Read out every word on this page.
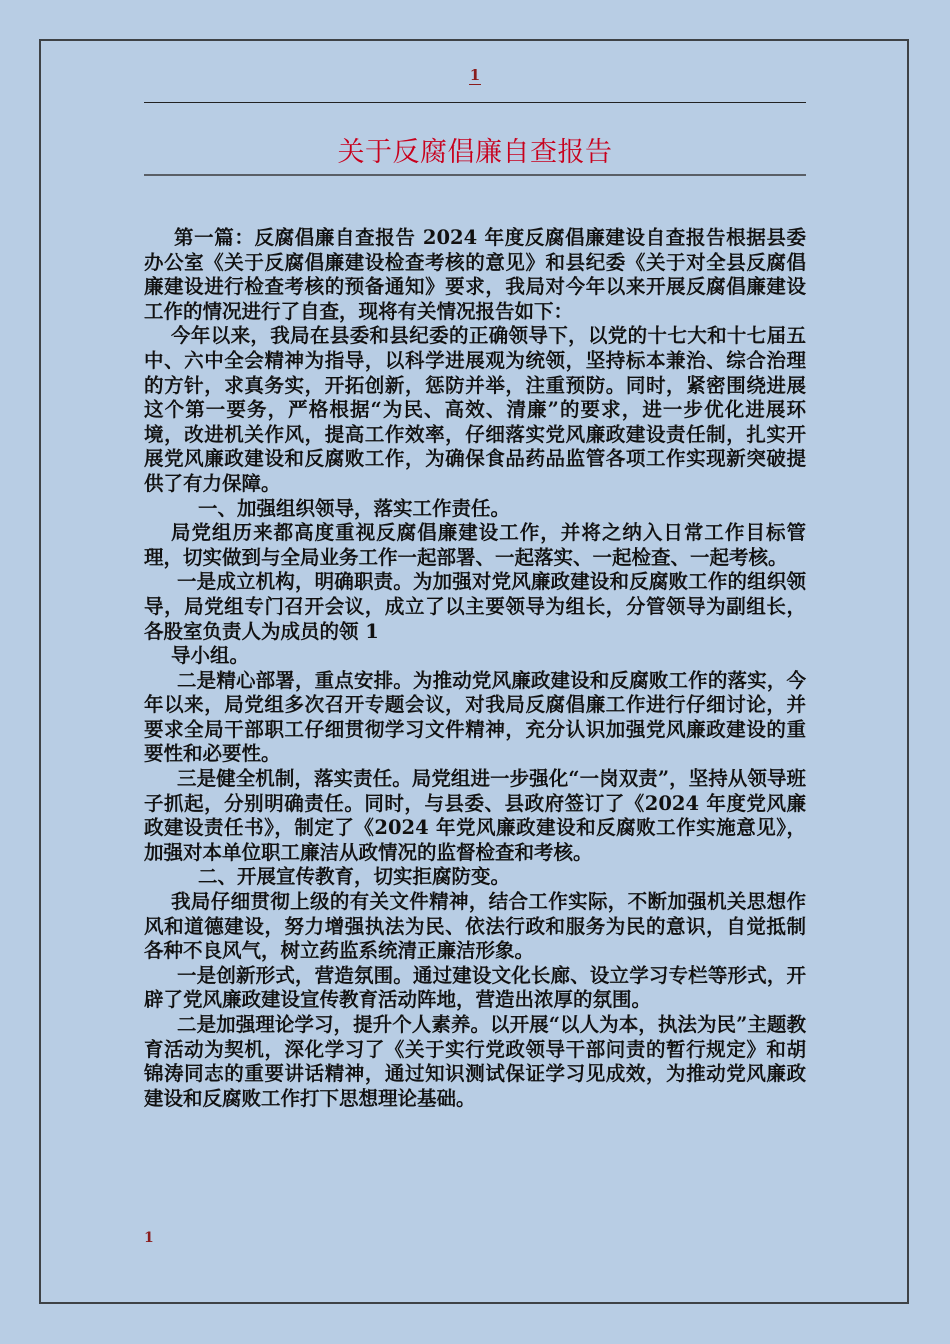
1
关于反腐倡廉自查报告

第一篇：反腐倡廉自查报告 2024 年度反腐倡廉建设自查报告根据县委办公室《关于反腐倡廉建设检查考核的意见》和县纪委《关于对全县反腐倡廉建设进行检查考核的预备通知》要求，我局对今年以来开展反腐倡廉建设工作的情况进行了自查，现将有关情况报告如下：

今年以来，我局在县委和县纪委的正确领导下，以党的十七大和十七届五中、六中全会精神为指导，以科学进展观为统领，坚持标本兼治、综合治理的方针，求真务实，开拓创新，惩防并举，注重预防。同时，紧密围绕进展这个第一要务，严格根据“为民、高效、清廉”的要求，进一步优化进展环境，改进机关作风，提高工作效率，仔细落实党风廉政建设责任制，扎实开展党风廉政建设和反腐败工作，为确保食品药品监管各项工作实现新突破提供了有力保障。

一、加强组织领导，落实工作责任。

局党组历来都高度重视反腐倡廉建设工作，并将之纳入日常工作目标管理，切实做到与全局业务工作一起部署、一起落实、一起检查、一起考核。

一是成立机构，明确职责。为加强对党风廉政建设和反腐败工作的组织领导，局党组专门召开会议，成立了以主要领导为组长，分管领导为副组长，各股室负责人为成员的领 1

导小组。

二是精心部署，重点安排。为推动党风廉政建设和反腐败工作的落实，今年以来，局党组多次召开专题会议，对我局反腐倡廉工作进行仔细讨论，并要求全局干部职工仔细贯彻学习文件精神，充分认识加强党风廉政建设的重要性和必要性。

三是健全机制，落实责任。局党组进一步强化“一岗双责”，坚持从领导班子抓起，分别明确责任。同时，与县委、县政府签订了《2024 年度党风廉政建设责任书》，制定了《2024 年党风廉政建设和反腐败工作实施意见》，加强对本单位职工廉洁从政情况的监督检查和考核。

二、开展宣传教育，切实拒腐防变。

我局仔细贯彻上级的有关文件精神，结合工作实际，不断加强机关思想作风和道德建设，努力增强执法为民、依法行政和服务为民的意识，自觉抵制各种不良风气，树立药监系统清正廉洁形象。

一是创新形式，营造氛围。通过建设文化长廊、设立学习专栏等形式，开辟了党风廉政建设宣传教育活动阵地，营造出浓厚的氛围。

二是加强理论学习，提升个人素养。以开展“以人为本，执法为民”主题教育活动为契机，深化学习了《关于实行党政领导干部问责的暂行规定》和胡锦涛同志的重要讲话精神，通过知识测试保证学习见成效，为推动党风廉政建设和反腐败工作打下思想理论基础。

1
